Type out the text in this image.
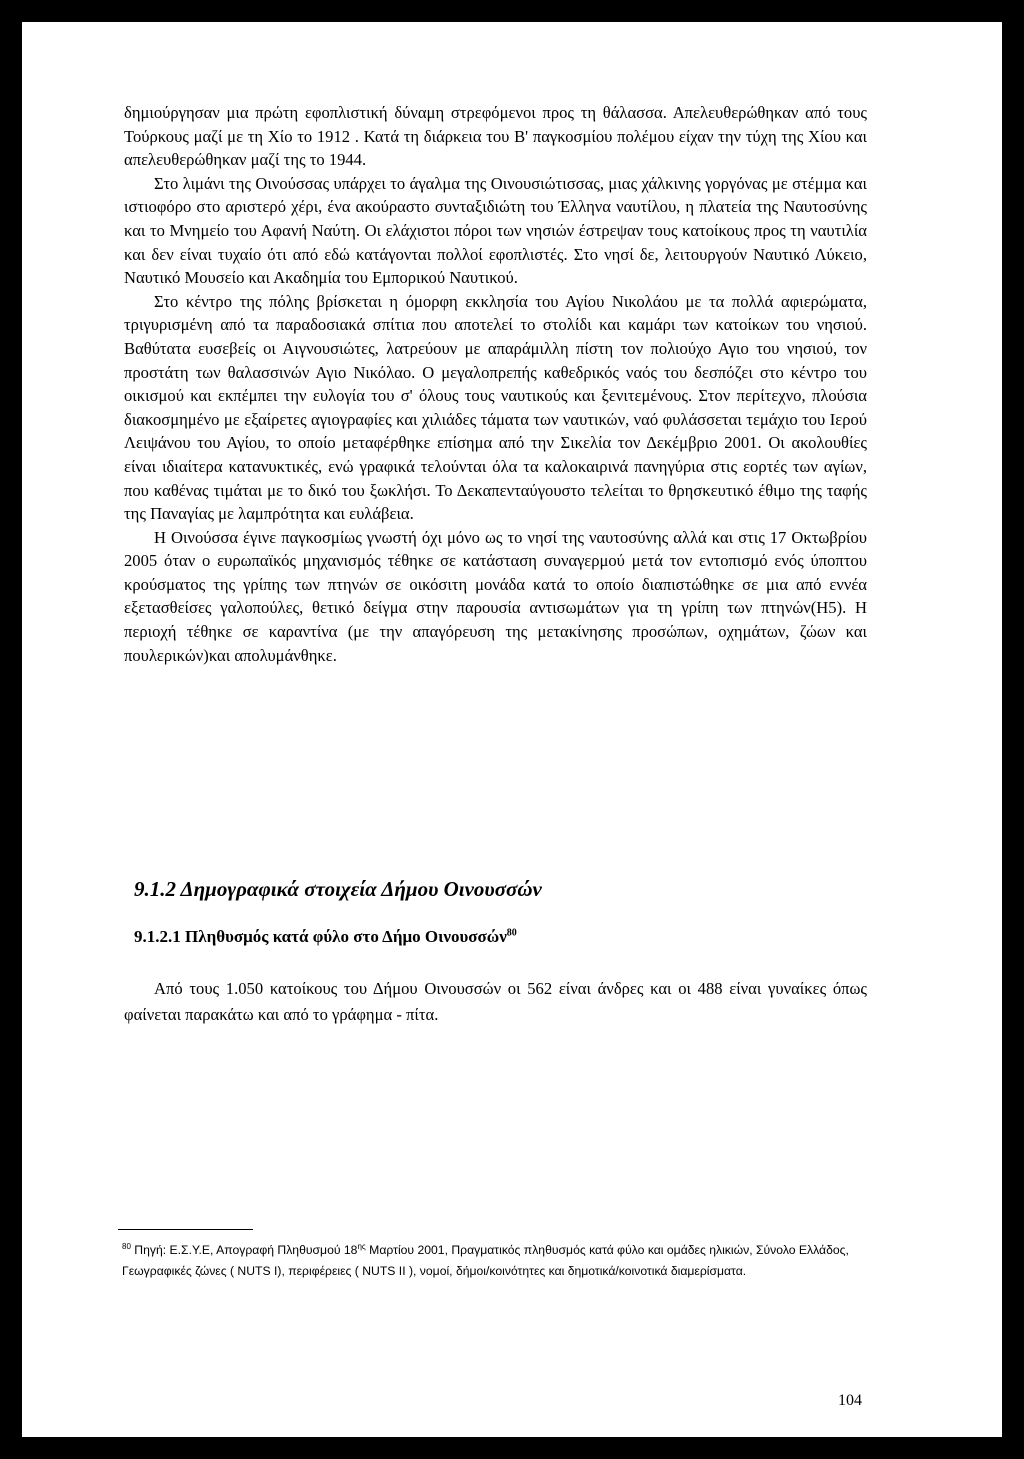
δημιούργησαν μια πρώτη εφοπλιστική δύναμη στρεφόμενοι προς τη θάλασσα. Απελευθερώθηκαν από τους Τούρκους μαζί με τη Χίο το 1912 . Κατά τη διάρκεια του Β' παγκοσμίου πολέμου είχαν την τύχη της Χίου και απελευθερώθηκαν μαζί της το 1944.

Στο λιμάνι της Οινούσσας υπάρχει το άγαλμα της Οινουσιώτισσας, μιας χάλκινης γοργόνας με στέμμα και ιστιοφόρο στο αριστερό χέρι, ένα ακούραστο συνταξιδιώτη του Έλληνα ναυτίλου, η πλατεία της Ναυτοσύνης και το Μνημείο του Αφανή Ναύτη. Οι ελάχιστοι πόροι των νησιών έστρεψαν τους κατοίκους προς τη ναυτιλία και δεν είναι τυχαίο ότι από εδώ κατάγονται πολλοί εφοπλιστές. Στο νησί δε, λειτουργούν Ναυτικό Λύκειο, Ναυτικό Μουσείο και Ακαδημία του Εμπορικού Ναυτικού.

Στο κέντρο της πόλης βρίσκεται η όμορφη εκκλησία του Αγίου Νικολάου με τα πολλά αφιερώματα, τριγυρισμένη από τα παραδοσιακά σπίτια που αποτελεί το στολίδι και καμάρι των κατοίκων του νησιού. Βαθύτατα ευσεβείς οι Αιγνουσιώτες, λατρεύουν με απαράμιλλη πίστη τον πολιούχο Αγιο του νησιού, τον προστάτη των θαλασσινών Αγιο Νικόλαο. Ο μεγαλοπρεπής καθεδρικός ναός του δεσπόζει στο κέντρο του οικισμού και εκπέμπει την ευλογία του σ' όλους τους ναυτικούς και ξενιτεμένους. Στον περίτεχνο, πλούσια διακοσμημένο με εξαίρετες αγιογραφίες και χιλιάδες τάματα των ναυτικών, ναό φυλάσσεται τεμάχιο του Ιερού Λειψάνου του Αγίου, το οποίο μεταφέρθηκε επίσημα από την Σικελία τον Δεκέμβριο 2001. Οι ακολουθίες είναι ιδιαίτερα κατανυκτικές, ενώ γραφικά τελούνται όλα τα καλοκαιρινά πανηγύρια στις εορτές των αγίων, που καθένας τιμάται με το δικό του ξωκλήσι. Το Δεκαπενταύγουστο τελείται το θρησκευτικό έθιμο της ταφής της Παναγίας με λαμπρότητα και ευλάβεια.

Η Οινούσσα έγινε παγκοσμίως γνωστή όχι μόνο ως το νησί της ναυτοσύνης αλλά και στις 17 Οκτωβρίου 2005 όταν ο ευρωπαϊκός μηχανισμός τέθηκε σε κατάσταση συναγερμού μετά τον εντοπισμό ενός ύποπτου κρούσματος της γρίπης των πτηνών σε οικόσιτη μονάδα κατά το οποίο διαπιστώθηκε σε μια από εννέα εξετασθείσες γαλοπούλες, θετικό δείγμα στην παρουσία αντισωμάτων για τη γρίπη των πτηνών(H5). Η περιοχή τέθηκε σε καραντίνα (με την απαγόρευση της μετακίνησης προσώπων, οχημάτων, ζώων και πουλερικών)και απολυμάνθηκε.

9.1.2 Δημογραφικά στοιχεία Δήμου Οινουσσών
9.1.2.1 Πληθυσμός κατά φύλο στο Δήμο Οινουσσών$^{80}$

Από τους 1.050 κατοίκους του Δήμου Οινουσσών οι 562 είναι άνδρες και οι 488 είναι γυναίκες όπως φαίνεται παρακάτω και από το γράφημα - πίτα.

$^{80}$ Πηγή: Ε.Σ.Υ.Ε, Απογραφή Πληθυσμού $18^{\eta\varsigma}$ Μαρτίου 2001, Πραγματικός πληθυσμός κατά φύλο και ομάδες ηλικιών, Σύνολο Ελλάδος, Γεωγραφικές ζώνες ( NUTS I), περιφέρειες ( NUTS II ), νομοί, δήμοι/κοινότητες και δημοτικά/κοινοτικά διαμερίσματα.

104
